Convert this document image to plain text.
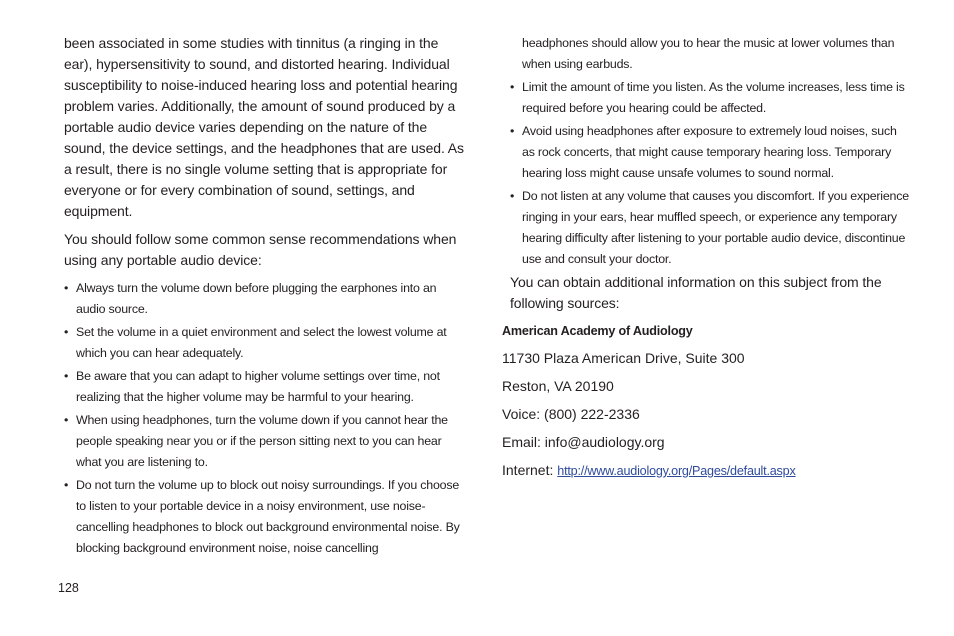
been associated in some studies with tinnitus (a ringing in the ear), hypersensitivity to sound, and distorted hearing. Individual susceptibility to noise-induced hearing loss and potential hearing problem varies. Additionally, the amount of sound produced by a portable audio device varies depending on the nature of the sound, the device settings, and the headphones that are used. As a result, there is no single volume setting that is appropriate for everyone or for every combination of sound, settings, and equipment.

You should follow some common sense recommendations when using any portable audio device:

• Always turn the volume down before plugging the earphones into an audio source.
• Set the volume in a quiet environment and select the lowest volume at which you can hear adequately.
• Be aware that you can adapt to higher volume settings over time, not realizing that the higher volume may be harmful to your hearing.
• When using headphones, turn the volume down if you cannot hear the people speaking near you or if the person sitting next to you can hear what you are listening to.
• Do not turn the volume up to block out noisy surroundings. If you choose to listen to your portable device in a noisy environment, use noise-cancelling headphones to block out background environmental noise. By blocking background environment noise, noise cancelling

headphones should allow you to hear the music at lower volumes than when using earbuds.

• Limit the amount of time you listen. As the volume increases, less time is required before you hearing could be affected.
• Avoid using headphones after exposure to extremely loud noises, such as rock concerts, that might cause temporary hearing loss. Temporary hearing loss might cause unsafe volumes to sound normal.
• Do not listen at any volume that causes you discomfort. If you experience ringing in your ears, hear muffled speech, or experience any temporary hearing difficulty after listening to your portable audio device, discontinue use and consult your doctor.

You can obtain additional information on this subject from the following sources:

American Academy of Audiology

11730 Plaza American Drive, Suite 300

Reston, VA 20190

Voice: (800) 222-2336

Email: info@audiology.org

Internet: http://www.audiology.org/Pages/default.aspx

128
